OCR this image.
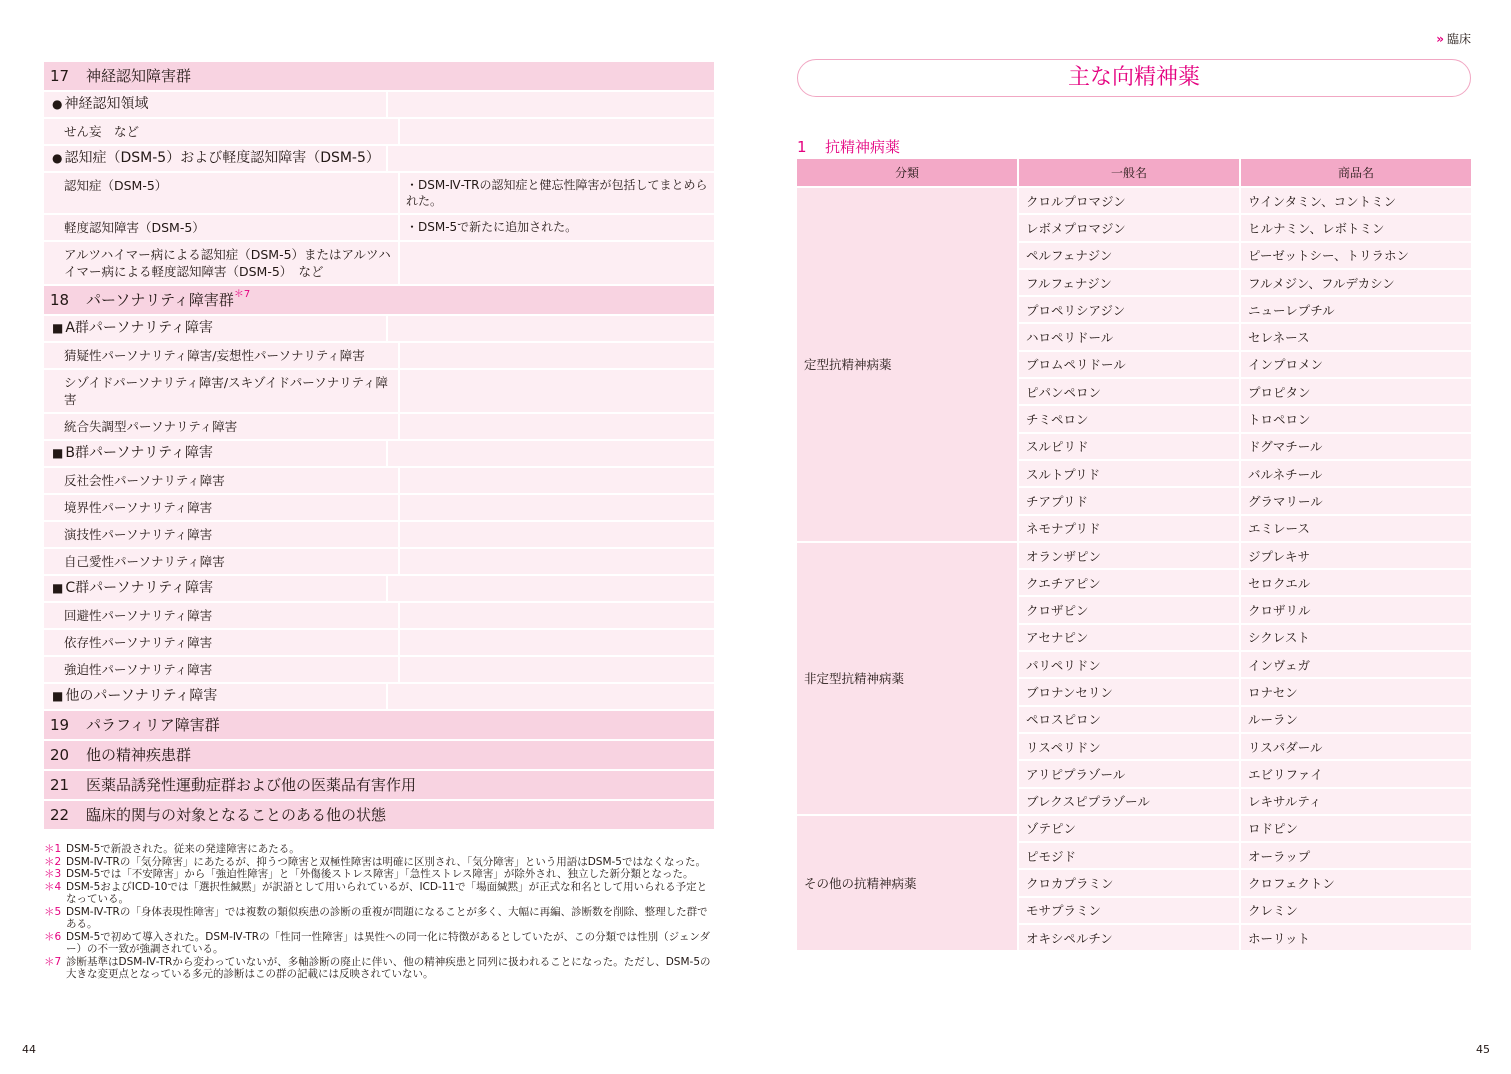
17 神経認知障害群
● 神経認知領域
せん妄　など
● 認知症（DSM-5）および軽度認知障害（DSM-5）
認知症（DSM-5）	・DSM-Ⅳ-TRの認知症と健忘性障害が包括してまとめられた。
軽度認知障害（DSM-5）	・DSM-5で新たに追加された。
アルツハイマー病による認知症（DSM-5）またはアルツハイマー病による軽度認知障害（DSM-5）　など
18 パーソナリティ障害群$^{*7}$
■ A群パーソナリティ障害
猜疑性パーソナリティ障害/妄想性パーソナリティ障害
シゾイドパーソナリティ障害/スキゾイドパーソナリティ障害
統合失調型パーソナリティ障害
■ B群パーソナリティ障害
反社会性パーソナリティ障害
境界性パーソナリティ障害
演技性パーソナリティ障害
自己愛性パーソナリティ障害
■ C群パーソナリティ障害
回避性パーソナリティ障害
依存性パーソナリティ障害
強迫性パーソナリティ障害
■ 他のパーソナリティ障害
19 パラフィリア障害群
20 他の精神疾患群
21 医薬品誘発性運動症群および他の医薬品有害作用
22 臨床的関与の対象となることのある他の状態
＊1 DSM-5で新設された。従来の発達障害にあたる。
＊2 DSM-Ⅳ-TRの「気分障害」にあたるが、抑うつ障害と双極性障害は明確に区別され、「気分障害」という用語はDSM-5ではなくなった。
＊3 DSM-5では「不安障害」から「強迫性障害」と「外傷後ストレス障害」「急性ストレス障害」が除外され、独立した新分類となった。
＊4 DSM-5およびICD-10では「選択性緘黙」が訳語として用いられているが、ICD-11で「場面緘黙」が正式な和名として用いられる予定となっている。
＊5 DSM-Ⅳ-TRの「身体表現性障害」では複数の類似疾患の診断の重複が問題になることが多く、大幅に再編、診断数を削除、整理した群である。
＊6 DSM-5で初めて導入された。DSM-Ⅳ-TRの「性同一性障害」は異性への同一化に特徴があるとしていたが、この分類では性別（ジェンダー）の不一致が強調されている。
＊7 診断基準はDSM-Ⅳ-TRから変わっていないが、多軸診断の廃止に伴い、他の精神疾患と同列に扱われることになった。ただし、DSM-5の大きな変更点となっている多元的診断はこの群の記載には反映されていない。
44
» 臨床
主な向精神薬
1 抗精神病薬
分類	一般名	商品名
定型抗精神病薬	クロルプロマジン	ウインタミン、コントミン
	レボメプロマジン	ヒルナミン、レボトミン
	ペルフェナジン	ピーゼットシー、トリラホン
	フルフェナジン	フルメジン、フルデカシン
	プロペリシアジン	ニューレプチル
	ハロペリドール	セレネース
	ブロムペリドール	インプロメン
	ピパンペロン	プロピタン
	チミペロン	トロペロン
	スルピリド	ドグマチール
	スルトプリド	バルネチール
	チアプリド	グラマリール
	ネモナプリド	エミレース
非定型抗精神病薬	オランザピン	ジプレキサ
	クエチアピン	セロクエル
	クロザピン	クロザリル
	アセナピン	シクレスト
	パリペリドン	インヴェガ
	ブロナンセリン	ロナセン
	ペロスピロン	ルーラン
	リスペリドン	リスパダール
	アリピプラゾール	エビリファイ
	ブレクスピプラゾール	レキサルティ
その他の抗精神病薬	ゾテピン	ロドピン
	ピモジド	オーラップ
	クロカプラミン	クロフェクトン
	モサプラミン	クレミン
	オキシペルチン	ホーリット
45
